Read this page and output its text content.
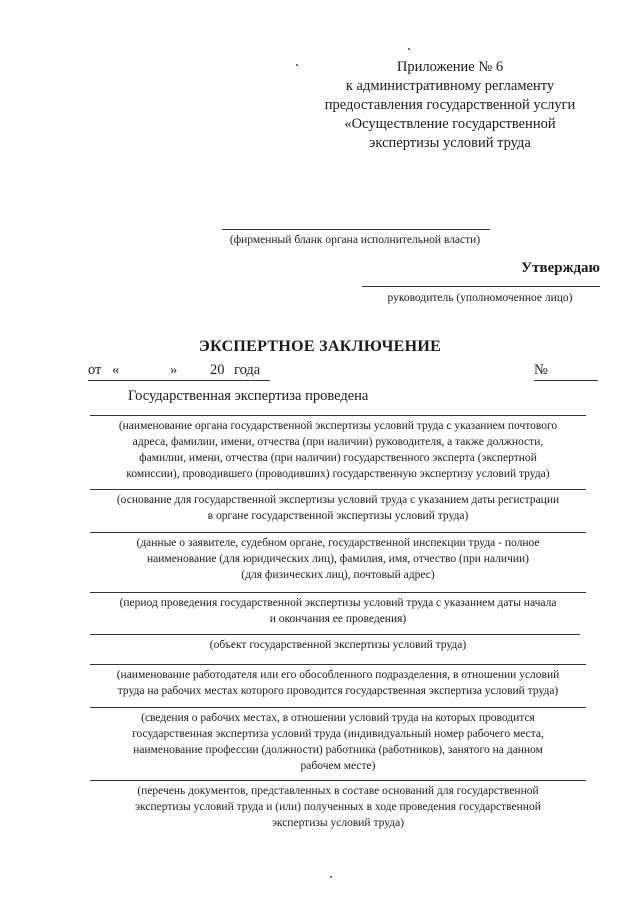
Приложение № 6
к административному регламенту
предоставления государственной услуги
«Осуществление государственной
экспертизы условий труда
(фирменный бланк органа исполнительной власти)
Утверждаю
руководитель (уполномоченное лицо)
ЭКСПЕРТНОЕ ЗАКЛЮЧЕНИЕ
от «	» 20 года	№
Государственная экспертиза проведена
(наименование органа государственной экспертизы условий труда с указанием почтового
адреса, фамилии, имени, отчества (при наличии) руководителя, а также должности,
фамилии, имени, отчества (при наличии) государственного эксперта (экспертной
комиссии), проводившего (проводивших) государственную экспертизу условий труда)
(основание для государственной экспертизы условий труда с указанием даты регистрации
в органе государственной экспертизы условий труда)
(данные о заявителе, судебном органе, государственной инспекции труда - полное
наименование (для юридических лиц), фамилия, имя, отчество (при наличии)
(для физических лиц), почтовый адрес)
(период проведения государственной экспертизы условий труда с указанием даты начала
и окончания ее проведения)
(объект государственной экспертизы условий труда)
(наименование работодателя или его обособленного подразделения, в отношении условий
труда на рабочих местах которого проводится государственная экспертиза условий труда)
(сведения о рабочих местах, в отношении условий труда на которых проводится
государственная экспертиза условий труда (индивидуальный номер рабочего места,
наименование профессии (должности) работника (работников), занятого на данном
рабочем месте)
(перечень документов, представленных в составе оснований для государственной
экспертизы условий труда и (или) полученных в ходе проведения государственной
экспертизы условий труда)
